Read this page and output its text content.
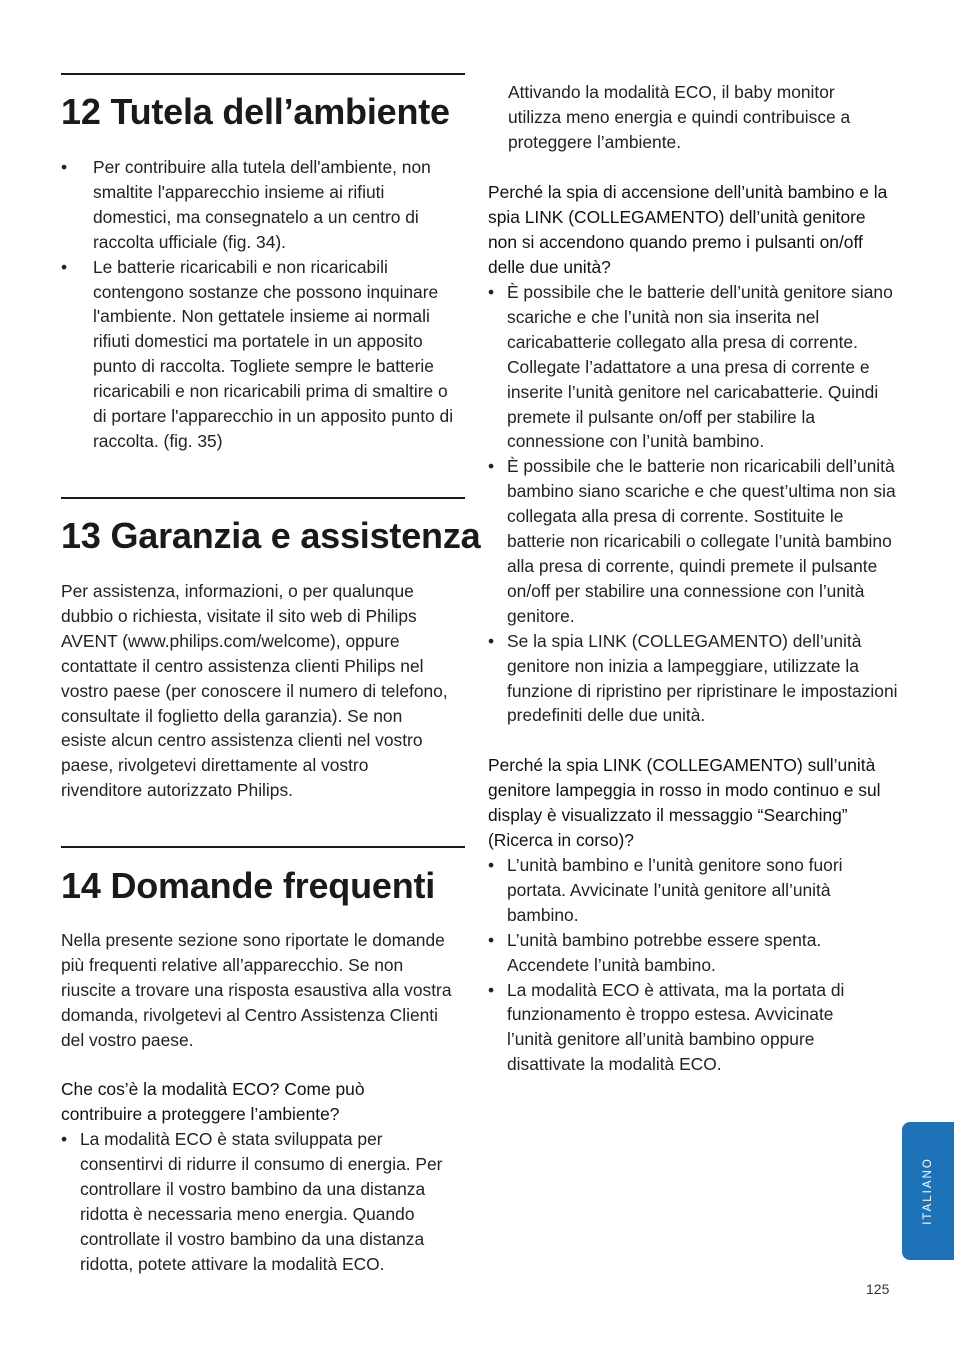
12 Tutela dell’ambiente
• Per contribuire alla tutela dell'ambiente, non smaltite l'apparecchio insieme ai rifiuti domestici, ma consegnatelo a un centro di raccolta ufficiale (fig. 34).
• Le batterie ricaricabili e non ricaricabili contengono sostanze che possono inquinare l'ambiente. Non gettatele insieme ai normali rifiuti domestici ma portatele in un apposito punto di raccolta. Togliete sempre le batterie ricaricabili e non ricaricabili prima di smaltire o di portare l'apparecchio in un apposito punto di raccolta. (fig. 35)
13 Garanzia e assistenza

Per assistenza, informazioni, o per qualunque dubbio o richiesta, visitate il sito web di Philips AVENT (www.philips.com/welcome), oppure contattate il centro assistenza clienti Philips nel vostro paese (per conoscere il numero di telefono, consultate il foglietto della garanzia). Se non esiste alcun centro assistenza clienti nel vostro paese, rivolgetevi direttamente al vostro rivenditore autorizzato Philips.

14 Domande frequenti

Nella presente sezione sono riportate le domande più frequenti relative all’apparecchio. Se non riuscite a trovare una risposta esaustiva alla vostra domanda, rivolgetevi al Centro Assistenza Clienti del vostro paese.

Che cos’è la modalità ECO? Come può contribuire a proteggere l’ambiente?

• La modalità ECO è stata sviluppata per consentirvi di ridurre il consumo di energia. Per controllare il vostro bambino da una distanza ridotta è necessaria meno energia. Quando controllate il vostro bambino da una distanza ridotta, potete attivare la modalità ECO.

Attivando la modalità ECO, il baby monitor utilizza meno energia e quindi contribuisce a proteggere l’ambiente.

Perché la spia di accensione dell’unità bambino e la spia LINK (COLLEGAMENTO) dell’unità genitore non si accendono quando premo i pulsanti on/off delle due unità?

• È possibile che le batterie dell’unità genitore siano scariche e che l’unità non sia inserita nel caricabatterie collegato alla presa di corrente. Collegate l’adattatore a una presa di corrente e inserite l’unità genitore nel caricabatterie. Quindi premete il pulsante on/off per stabilire la connessione con l’unità bambino.
• È possibile che le batterie non ricaricabili dell’unità bambino siano scariche e che quest’ultima non sia collegata alla presa di corrente. Sostituite le batterie non ricaricabili o collegate l’unità bambino alla presa di corrente, quindi premete il pulsante on/off per stabilire una connessione con l’unità genitore.
• Se la spia LINK (COLLEGAMENTO) dell’unità genitore non inizia a lampeggiare, utilizzate la funzione di ripristino per ripristinare le impostazioni predefiniti delle due unità.

Perché la spia LINK (COLLEGAMENTO) sull’unità genitore lampeggia in rosso in modo continuo e sul display è visualizzato il messaggio “Searching” (Ricerca in corso)?

• L’unità bambino e l’unità genitore sono fuori portata. Avvicinate l’unità genitore all’unità bambino.
• L’unità bambino potrebbe essere spenta. Accendete l’unità bambino.
• La modalità ECO è attivata, ma la portata di funzionamento è troppo estesa. Avvicinate l’unità genitore all’unità bambino oppure disattivate la modalità ECO.
ITALIANO
125
